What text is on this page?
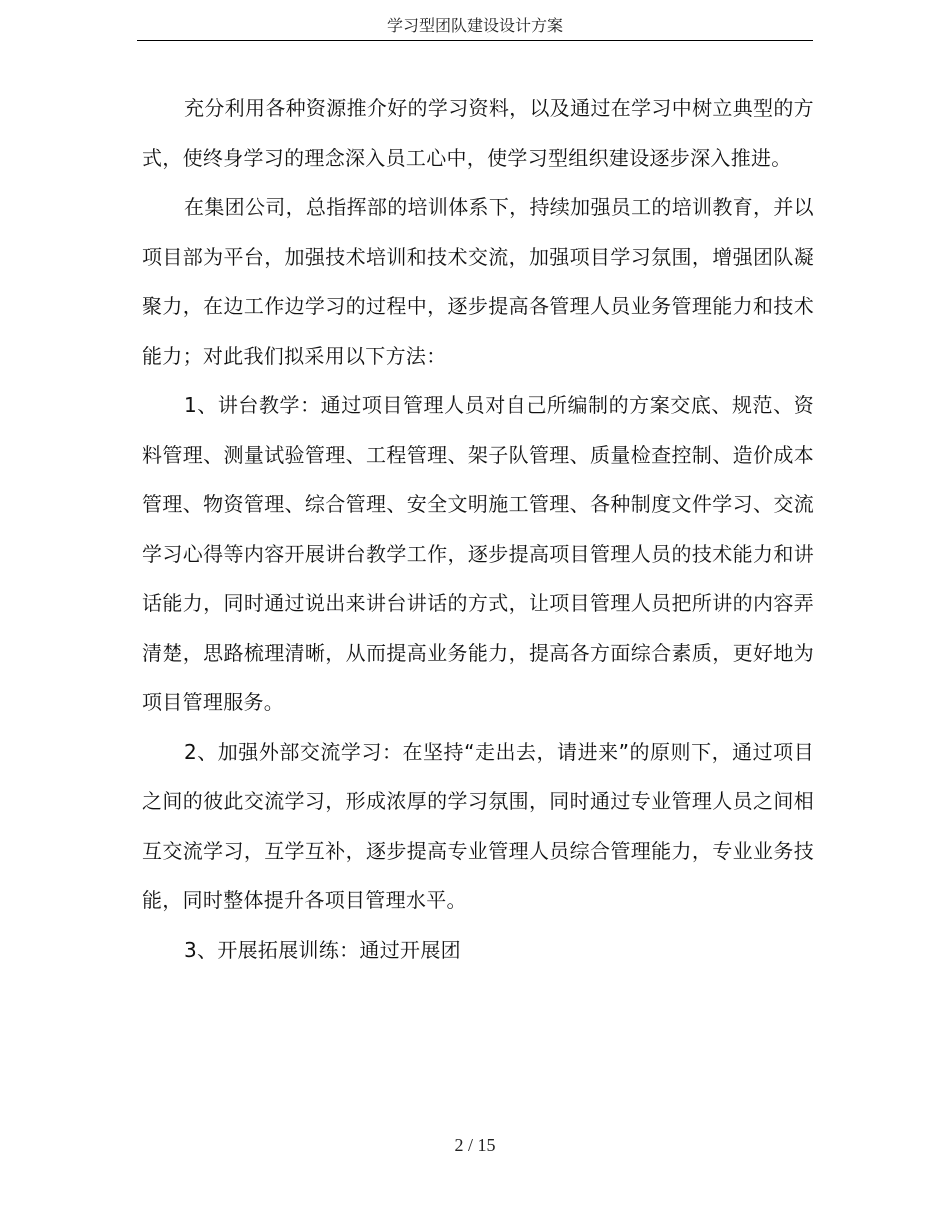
学习型团队建设设计方案

充分利用各种资源推介好的学习资料，以及通过在学习中树立典型的方式，使终身学习的理念深入员工心中，使学习型组织建设逐步深入推进。

在集团公司，总指挥部的培训体系下，持续加强员工的培训教育，并以项目部为平台，加强技术培训和技术交流，加强项目学习氛围，增强团队凝聚力，在边工作边学习的过程中，逐步提高各管理人员业务管理能力和技术能力；对此我们拟采用以下方法：

1、讲台教学：通过项目管理人员对自己所编制的方案交底、规范、资料管理、测量试验管理、工程管理、架子队管理、质量检查控制、造价成本管理、物资管理、综合管理、安全文明施工管理、各种制度文件学习、交流学习心得等内容开展讲台教学工作，逐步提高项目管理人员的技术能力和讲话能力，同时通过说出来讲台讲话的方式，让项目管理人员把所讲的内容弄清楚，思路梳理清晰，从而提高业务能力，提高各方面综合素质，更好地为项目管理服务。

2、加强外部交流学习：在坚持“走出去，请进来”的原则下，通过项目之间的彼此交流学习，形成浓厚的学习氛围，同时通过专业管理人员之间相互交流学习，互学互补，逐步提高专业管理人员综合管理能力，专业业务技能，同时整体提升各项目管理水平。

3、开展拓展训练：通过开展团

2 / 15
